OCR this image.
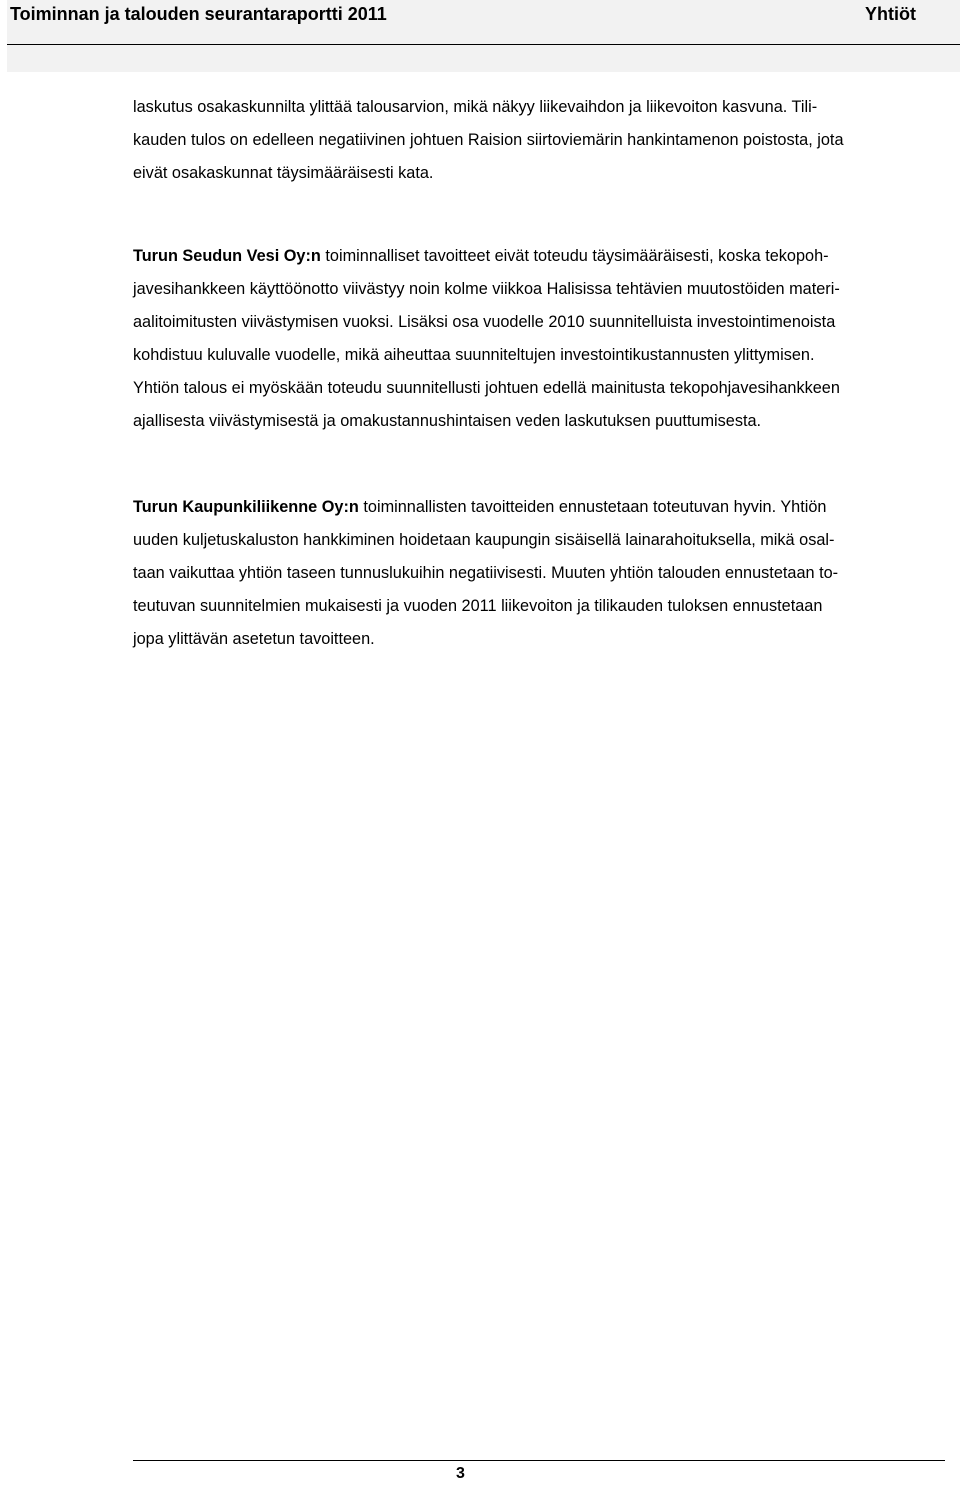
Toiminnan ja talouden seurantaraportti 2011	Yhtiöt

laskutus osakaskunnilta ylittää talousarvion, mikä näkyy liikevaihdon ja liikevoiton kasvuna. Tili-
kauden tulos on edelleen negatiivinen johtuen Raision siirtoviemärin hankintamenon poistosta, jota
eivät osakaskunnat täysimääräisesti kata.

Turun Seudun Vesi Oy:n toiminnalliset tavoitteet eivät toteudu täysimääräisesti, koska tekopoh-
javesihankkeen käyttöönotto viivästyy noin kolme viikkoa Halisissa tehtävien muutostöiden materi-
aalitoimitusten viivästymisen vuoksi. Lisäksi osa vuodelle 2010 suunnitelluista investointimenoista
kohdistuu kuluvalle vuodelle, mikä aiheuttaa suunniteltujen investointikustannusten ylittymisen.
Yhtiön talous ei myöskään toteudu suunnitellusti johtuen edellä mainitusta tekopohjavesihankkeen
ajallisesta viivästymisestä ja omakustannushintaisen veden laskutuksen puuttumisesta.

Turun Kaupunkiliikenne Oy:n toiminnallisten tavoitteiden ennustetaan toteutuvan hyvin. Yhtiön
uuden kuljetuskaluston hankkiminen hoidetaan kaupungin sisäisellä lainarahoituksella, mikä osal-
taan vaikuttaa yhtiön taseen tunnuslukuihin negatiivisesti. Muuten yhtiön talouden ennustetaan to-
teutuvan suunnitelmien mukaisesti ja vuoden 2011 liikevoiton ja tilikauden tuloksen ennustetaan
jopa ylittävän asetetun tavoitteen.

3
